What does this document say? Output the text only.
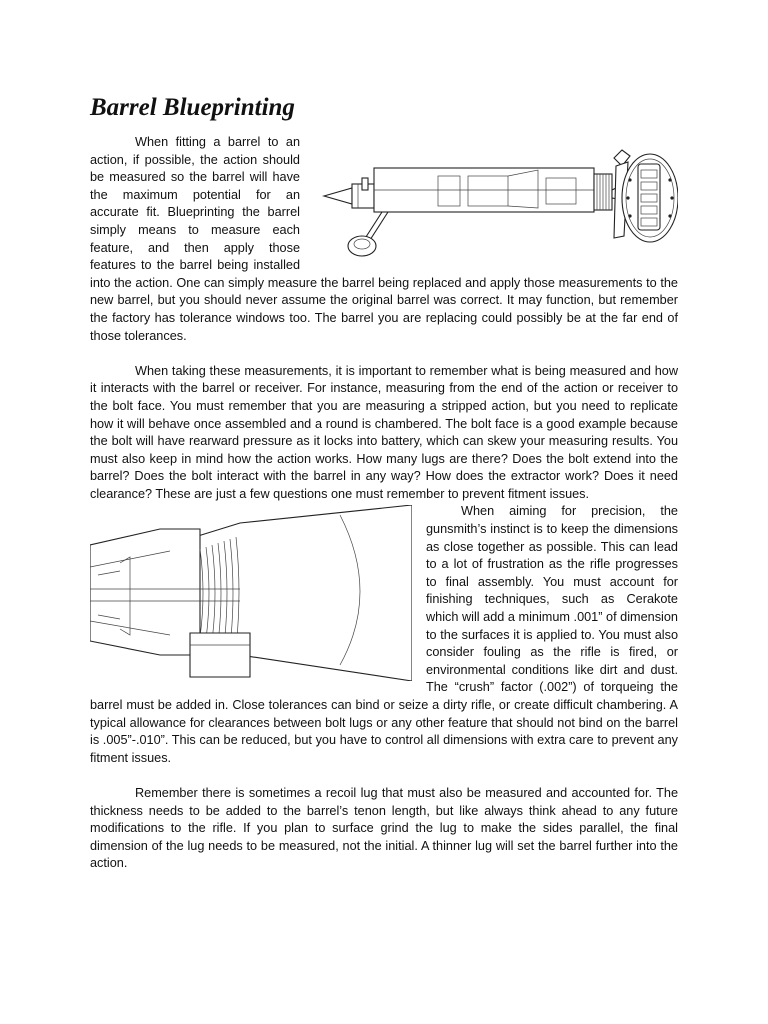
Barrel Blueprinting

When fitting a barrel to an action, if possible, the action should be measured so the barrel will have the maximum potential for an accurate fit. Blueprinting the barrel simply means to measure each feature, and then apply those features to the barrel being installed into the action. One can simply measure the barrel being replaced and apply those measurements to the new barrel, but you should never assume the original barrel was correct. It may function, but remember the factory has tolerance windows too. The barrel you are replacing could possibly be at the far end of those tolerances.

When taking these measurements, it is important to remember what is being measured and how it interacts with the barrel or receiver. For instance, measuring from the end of the action or receiver to the bolt face. You must remember that you are measuring a stripped action, but you need to replicate how it will behave once assembled and a round is chambered. The bolt face is a good example because the bolt will have rearward pressure as it locks into battery, which can skew your measuring results. You must also keep in mind how the action works. How many lugs are there? Does the bolt extend into the barrel? Does the bolt interact with the barrel in any way? How does the extractor work? Does it need clearance? These are just a few questions one must remember to prevent fitment issues.

When aiming for precision, the gunsmith’s instinct is to keep the dimensions as close together as possible. This can lead to a lot of frustration as the rifle progresses to final assembly. You must account for finishing techniques, such as Cerakote which will add a minimum .001” of dimension to the surfaces it is applied to. You must also consider fouling as the rifle is fired, or environmental conditions like dirt and dust. The “crush” factor (.002”) of torqueing the barrel must be added in. Close tolerances can bind or seize a dirty rifle, or create difficult chambering. A typical allowance for clearances between bolt lugs or any other feature that should not bind on the barrel is .005”-.010”. This can be reduced, but you have to control all dimensions with extra care to prevent any fitment issues.

Remember there is sometimes a recoil lug that must also be measured and accounted for. The thickness needs to be added to the barrel’s tenon length, but like always think ahead to any future modifications to the rifle. If you plan to surface grind the lug to make the sides parallel, the final dimension of the lug needs to be measured, not the initial. A thinner lug will set the barrel further into the action.
